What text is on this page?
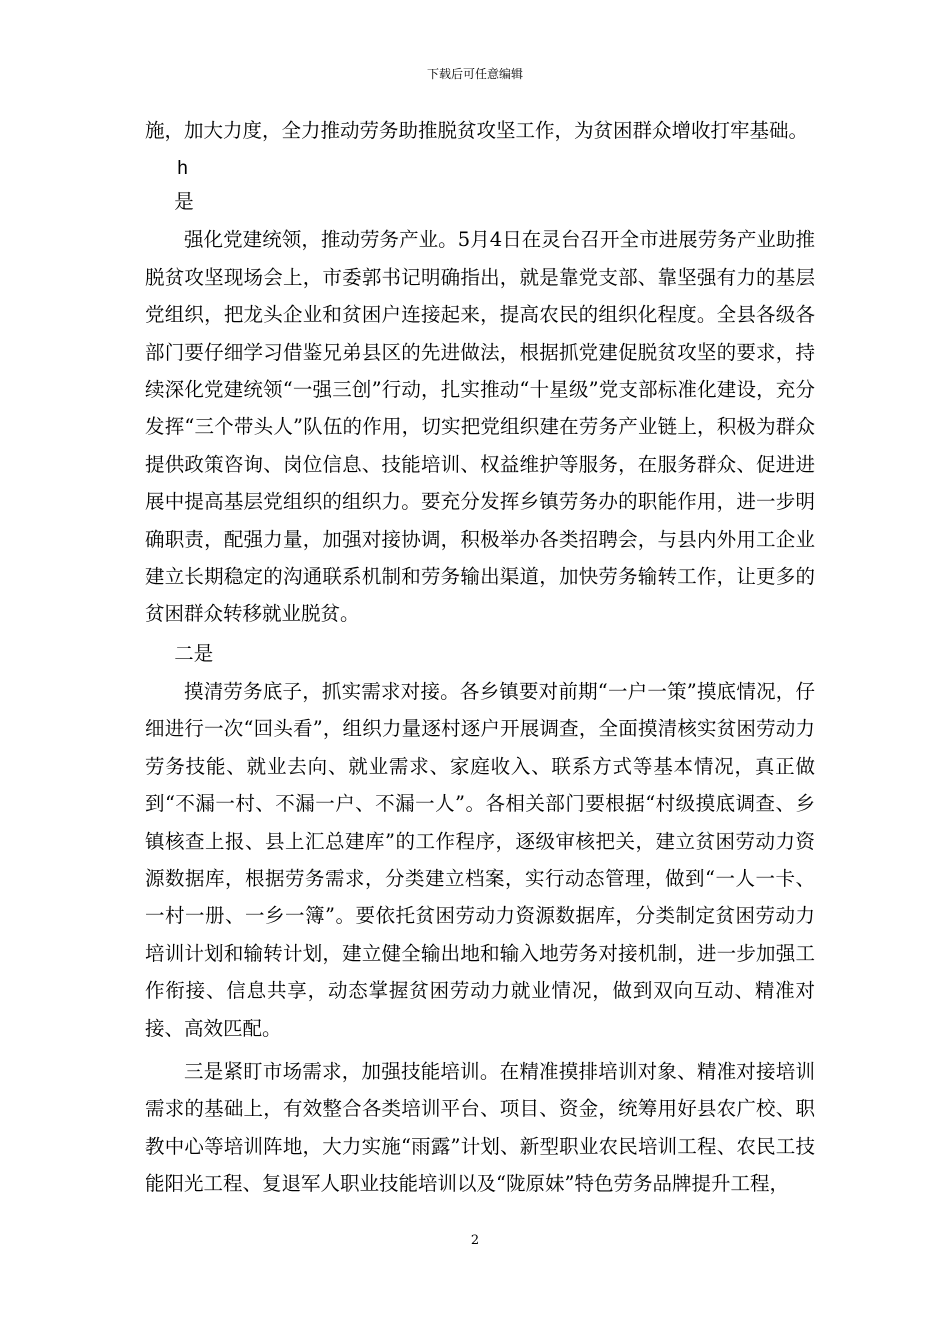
下载后可任意编辑

施，加大力度，全力推动劳务助推脱贫攻坚工作，为贫困群众增收打牢基础。

h

是

强化党建统领，推动劳务产业。5月4日在灵台召开全市进展劳务产业助推脱贫攻坚现场会上，市委郭书记明确指出，就是靠党支部、靠坚强有力的基层党组织，把龙头企业和贫困户连接起来，提高农民的组织化程度。全县各级各部门要仔细学习借鉴兄弟县区的先进做法，根据抓党建促脱贫攻坚的要求，持续深化党建统领“一强三创”行动，扎实推动“十星级”党支部标准化建设，充分发挥“三个带头人”队伍的作用，切实把党组织建在劳务产业链上，积极为群众提供政策咨询、岗位信息、技能培训、权益维护等服务，在服务群众、促进进展中提高基层党组织的组织力。要充分发挥乡镇劳务办的职能作用，进一步明确职责，配强力量，加强对接协调，积极举办各类招聘会，与县内外用工企业建立长期稳定的沟通联系机制和劳务输出渠道，加快劳务输转工作，让更多的贫困群众转移就业脱贫。

二是

摸清劳务底子，抓实需求对接。各乡镇要对前期“一户一策”摸底情况，仔细进行一次“回头看”，组织力量逐村逐户开展调查，全面摸清核实贫困劳动力劳务技能、就业去向、就业需求、家庭收入、联系方式等基本情况，真正做到“不漏一村、不漏一户、不漏一人”。各相关部门要根据“村级摸底调查、乡镇核查上报、县上汇总建库”的工作程序，逐级审核把关，建立贫困劳动力资源数据库，根据劳务需求，分类建立档案，实行动态管理，做到“一人一卡、一村一册、一乡一簿”。要依托贫困劳动力资源数据库，分类制定贫困劳动力培训计划和输转计划，建立健全输出地和输入地劳务对接机制，进一步加强工作衔接、信息共享，动态掌握贫困劳动力就业情况，做到双向互动、精准对接、高效匹配。

三是紧盯市场需求，加强技能培训。在精准摸排培训对象、精准对接培训需求的基础上，有效整合各类培训平台、项目、资金，统筹用好县农广校、职教中心等培训阵地，大力实施“雨露”计划、新型职业农民培训工程、农民工技能阳光工程、复退军人职业技能培训以及“陇原妹”特色劳务品牌提升工程，

2
